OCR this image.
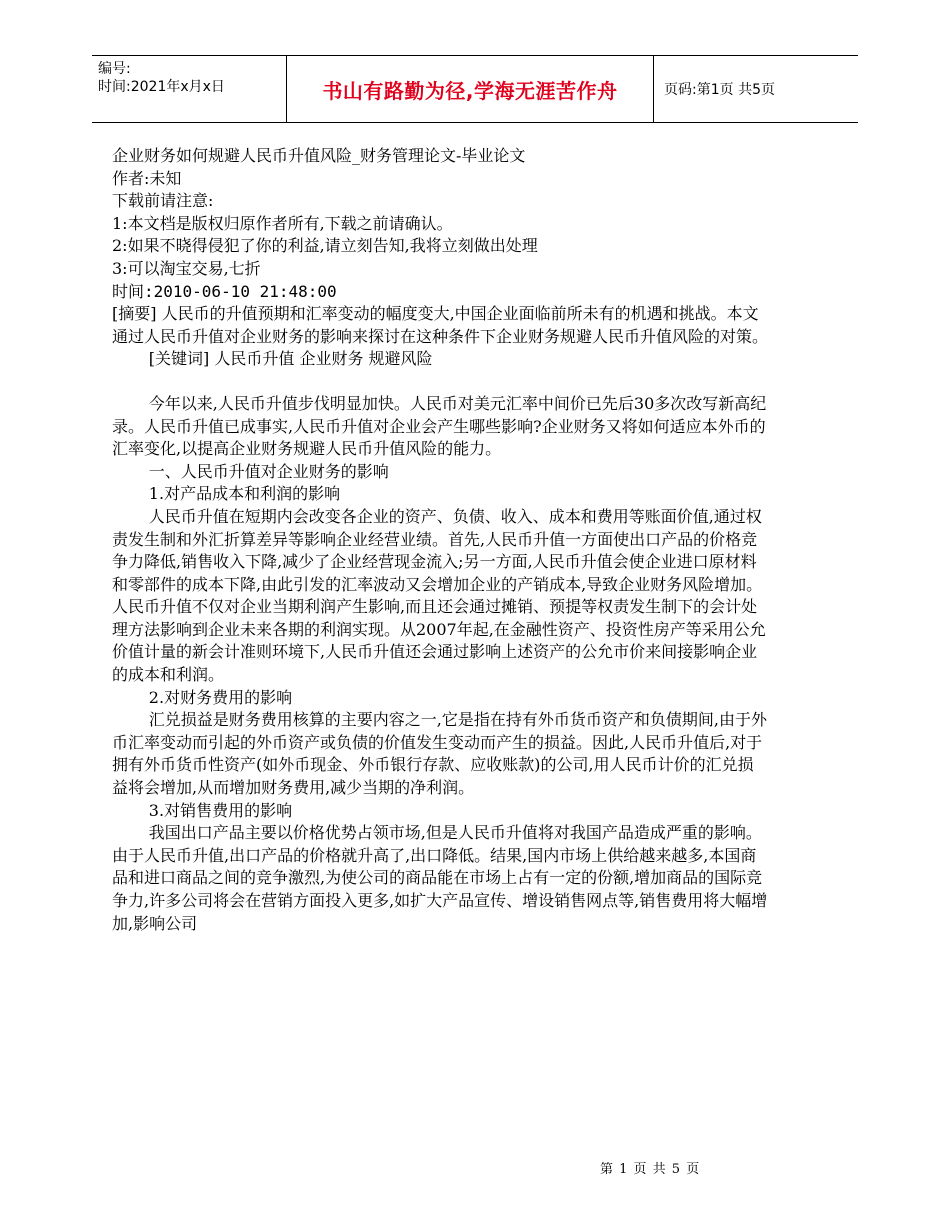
编号:
时间:2021年x月x日	书山有路勤为径,学海无涯苦作舟	页码:第1页 共5页

企业财务如何规避人民币升值风险_财务管理论文-毕业论文

作者:未知

下载前请注意:

1:本文档是版权归原作者所有,下载之前请确认。

2:如果不晓得侵犯了你的利益,请立刻告知,我将立刻做出处理

3:可以淘宝交易,七折

时间:2010-06-10 21:48:00

[摘要] 人民币的升值预期和汇率变动的幅度变大,中国企业面临前所未有的机遇和挑战。本文通过人民币升值对企业财务的影响来探讨在这种条件下企业财务规避人民币升值风险的对策。

[关键词] 人民币升值 企业财务 规避风险

今年以来,人民币升值步伐明显加快。人民币对美元汇率中间价已先后30多次改写新高纪录。人民币升值已成事实,人民币升值对企业会产生哪些影响?企业财务又将如何适应本外币的汇率变化,以提高企业财务规避人民币升值风险的能力。

一、人民币升值对企业财务的影响

1.对产品成本和利润的影响

人民币升值在短期内会改变各企业的资产、负债、收入、成本和费用等账面价值,通过权责发生制和外汇折算差异等影响企业经营业绩。首先,人民币升值一方面使出口产品的价格竞争力降低,销售收入下降,减少了企业经营现金流入;另一方面,人民币升值会使企业进口原材料和零部件的成本下降,由此引发的汇率波动又会增加企业的产销成本,导致企业财务风险增加。人民币升值不仅对企业当期利润产生影响,而且还会通过摊销、预提等权责发生制下的会计处理方法影响到企业未来各期的利润实现。从2007年起,在金融性资产、投资性房产等采用公允价值计量的新会计准则环境下,人民币升值还会通过影响上述资产的公允市价来间接影响企业的成本和利润。

2.对财务费用的影响

汇兑损益是财务费用核算的主要内容之一,它是指在持有外币货币资产和负债期间,由于外币汇率变动而引起的外币资产或负债的价值发生变动而产生的损益。因此,人民币升值后,对于拥有外币货币性资产(如外币现金、外币银行存款、应收账款)的公司,用人民币计价的汇兑损益将会增加,从而增加财务费用,减少当期的净利润。

3.对销售费用的影响

我国出口产品主要以价格优势占领市场,但是人民币升值将对我国产品造成严重的影响。由于人民币升值,出口产品的价格就升高了,出口降低。结果,国内市场上供给越来越多,本国商品和进口商品之间的竞争激烈,为使公司的商品能在市场上占有一定的份额,增加商品的国际竞争力,许多公司将会在营销方面投入更多,如扩大产品宣传、增设销售网点等,销售费用将大幅增加,影响公司

第 1 页 共 5 页
